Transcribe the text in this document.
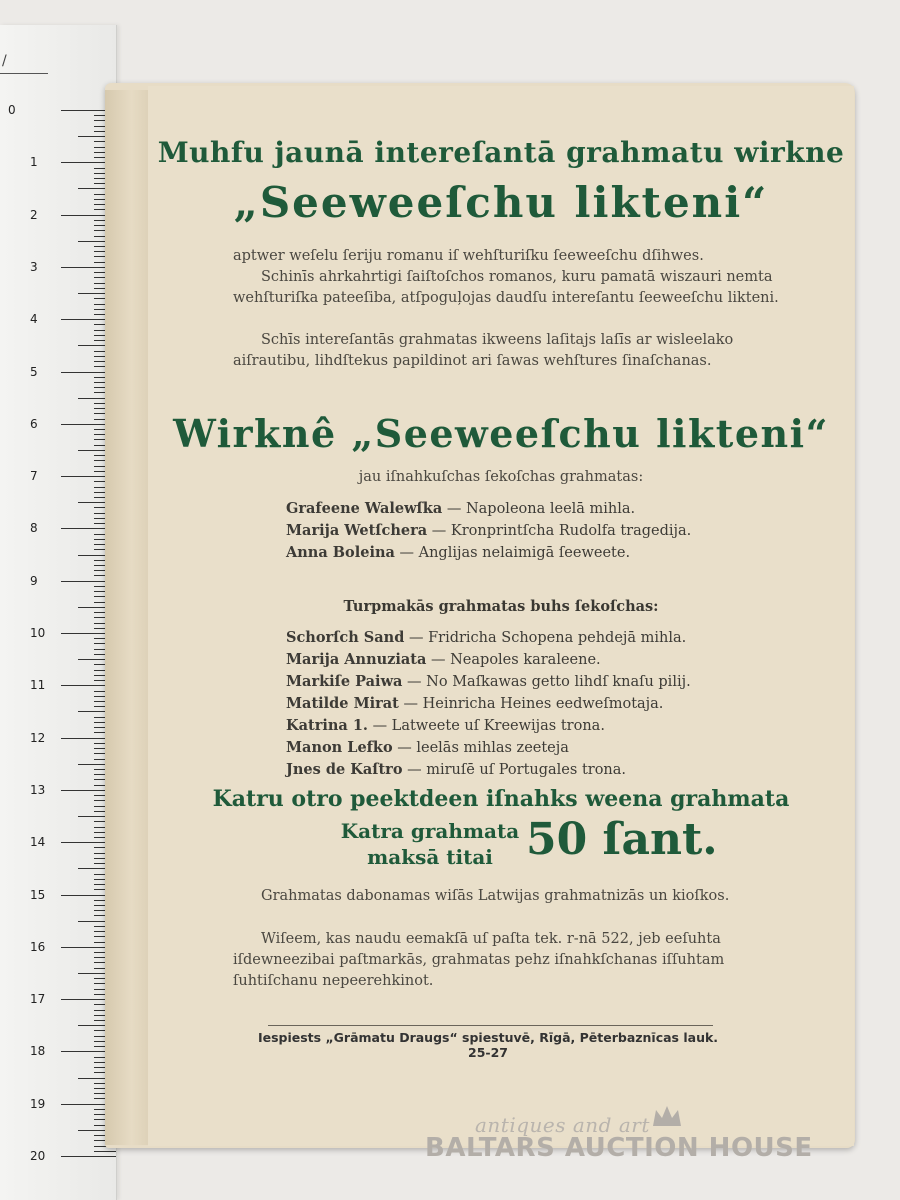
/
0
1
2
3
4
5
6
7
8
9
10
11
12
13
14
15
16
17
18
19
20
Muhfu jaunā intereſantā grahmatu wirkne
„Seeweeſchu likteni“
aptwer weſelu ſeriju romanu iſ wehſturiſku ſeeweeſchu dſihwes.
Schinīs ahrkahrtigi ſaiſtoſchos romanos, kuru pamatā wiszauri nemta wehſturiſka pateeſiba, atſpoguļojas daudſu intereſantu ſeeweeſchu likteni.
Schīs intereſantās grahmatas ikweens laſitajs laſīs ar wisleelako aiſrautibu, lihdſtekus papildinot ari ſawas wehſtures ſinaſchanas.
Wirknê „Seeweeſchu likteni“
jau iſnahkuſchas ſekoſchas grahmatas:
Grafeene Walewſka — Napoleona leelā mihla.
Marija Wetſchera — Kronprintſcha Rudolfa tragedija.
Anna Boleina — Anglijas nelaimigā ſeeweete.
Turpmakās grahmatas buhs ſekoſchas:
Schorſch Sand — Fridricha Schopena pehdejā mihla.
Marija Annuziata — Neapoles karaleene.
Markiſe Paiwa — No Maſkawas getto lihdſ knaſu pilij.
Matilde Mirat — Heinricha Heines eedweſmotaja.
Katrina 1. — Latweete uſ Kreewijas trona.
Manon Lefko — leelās mihlas zeeteja
Jnes de Kaſtro — miruſē uſ Portugales trona.
Katru otro peektdeen iſnahks weena grahmata
Katra grahmata
maksā titai 50 ſant.
Grahmatas dabonamas wiſās Latwijas grahmatnizās un kioſkos.
Wiſeem, kas naudu eemakſā uſ paſta tek. r-nā 522, jeb eeſuhta iſdewneezibai paſtmarkās, grahmatas pehz iſnahkſchanas iſſuhtam ſuhtiſchanu nepeerehkinot.
Iespiests „Grāmatu Draugs“ spiestuvē, Rīgā, Pēterbaznīcas lauk. 25-27
antiques and art
BALTARS AUCTION HOUSE
